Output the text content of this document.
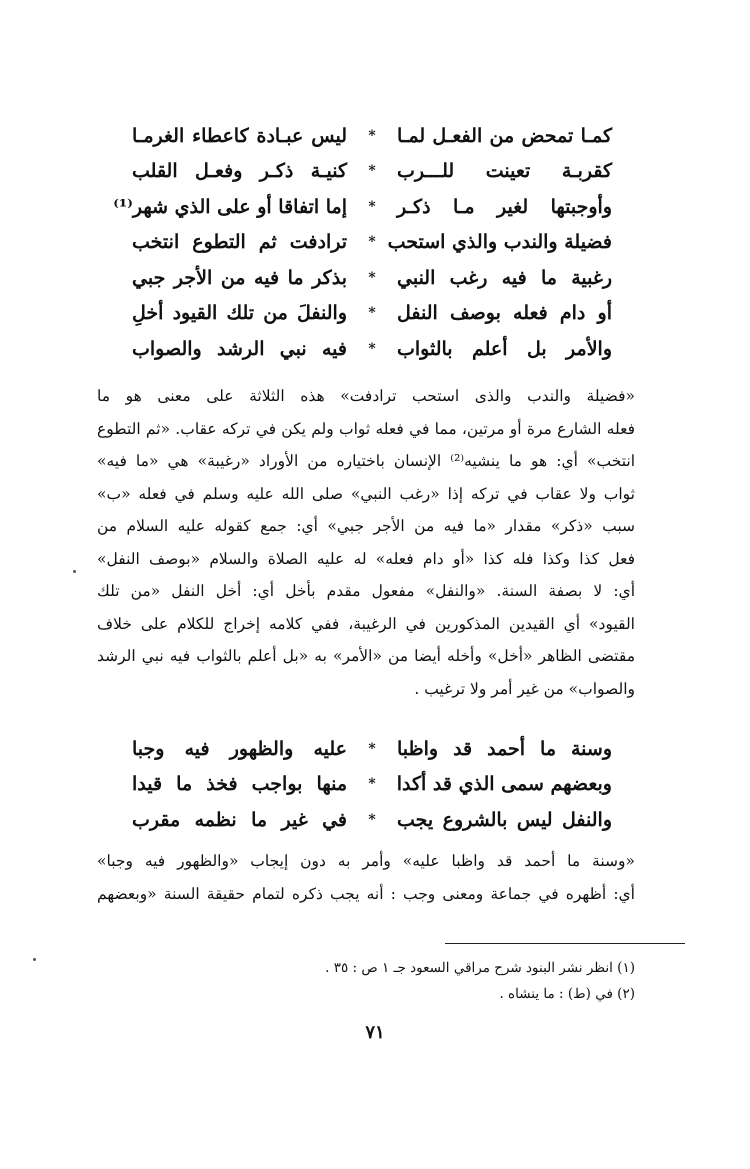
كمـا تمحض من الفعـل لمـا
*
ليس عبـادة كاعطاء الغرمـا
كقربـة تعينت للـــرب
*
كنيـة ذكـر وفعـل القلب
وأوجبتها لغير مـا ذكـر
*
إما اتفاقا أو على الذي شهر⁽¹⁾
فضيلة والندب والذي استحب
*
ترادفت ثم التطوع انتخب
رغبية ما فيه رغب النبي
*
بذكر ما فيه من الأجر جبي
أو دام فعله بوصف النفل
*
والنفلَ من تلك القيود أخلِ
والأمر بل أعلم بالثواب
*
فيه نبي الرشد والصواب

«فضيلة والندب والذى استحب ترادفت» هذه الثلاثة على معنى هو ما

فعله الشارع مرة أو مرتين، مما في فعله ثواب ولم يكن في تركه عقاب. «ثم التطوع

انتخب» أي: هو ما ينشيه⁽²⁾ الإنسان باختياره من الأوراد «رغيبة» هي «ما فيه»

ثواب ولا عقاب في تركه إذا «رغب النبي» صلى الله عليه وسلم في فعله «ب»

سبب «ذكر» مقدار «ما فيه من الأجر جبي» أي: جمع كقوله عليه السلام من

فعل كذا وكذا فله كذا «أو دام فعله» له عليه الصلاة والسلام «بوصف النفل»

أي: لا بصفة السنة. «والنفل» مفعول مقدم بأخل أي: أخل النفل «من تلك

القيود» أي القيدين المذكورين في الرغيبة، ففي كلامه إخراج للكلام على خلاف

مقتضى الظاهر «أخل» وأخله أيضا من «الأمر» به «بل أعلم بالثواب فيه نبي الرشد

والصواب» من غير أمر ولا ترغيب .

وسنة ما أحمد قد واظبا
*
عليه والظهور فيه وجبا
وبعضهم سمى الذي قد أكدا
*
منها بواجب فخذ ما قيدا
والنفل ليس بالشروع يجب
*
في غير ما نظمه مقرب

«وسنة ما أحمد قد واظبا عليه» وأمر به دون إيجاب «والظهور فيه وجبا»

أي: أظهره في جماعة ومعنى وجب : أنه يجب ذكره لتمام حقيقة السنة «وبعضهم

(١) انظر نشر البنود شرح مراقي السعود جـ ١ ص : ٣٥ .

(٢) في (ط) : ما ينشاه .

٧١
